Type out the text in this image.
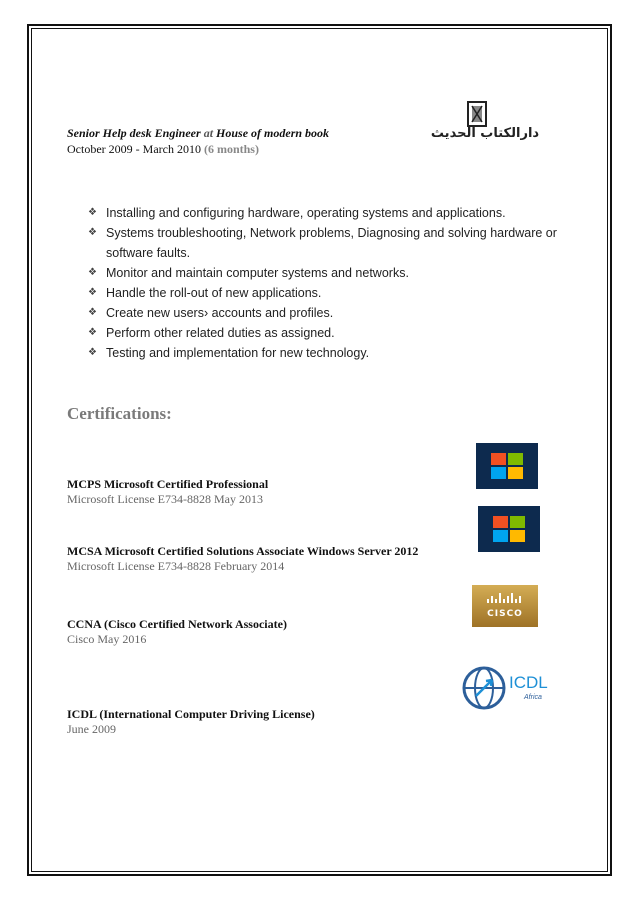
Senior Help desk Engineer at House of modern book
October 2009 - March 2010 (6 months)
دارالكتاب الحديث
❖ Installing and configuring hardware, operating systems and applications.
❖ Systems troubleshooting, Network problems, Diagnosing and solving hardware or software faults.
❖ Monitor and maintain computer systems and networks.
❖ Handle the roll-out of new applications.
❖ Create new users› accounts and profiles.
❖ Perform other related duties as assigned.
❖ Testing and implementation for new technology.
Certifications:
MCPS Microsoft Certified Professional
Microsoft License E734-8828 May 2013
MCSA Microsoft Certified Solutions Associate Windows Server 2012
Microsoft License E734-8828 February 2014
CCNA (Cisco Certified Network Associate)
Cisco May 2016
ICDL (International Computer Driving License)
June 2009
CISCO
ICDL
Africa
